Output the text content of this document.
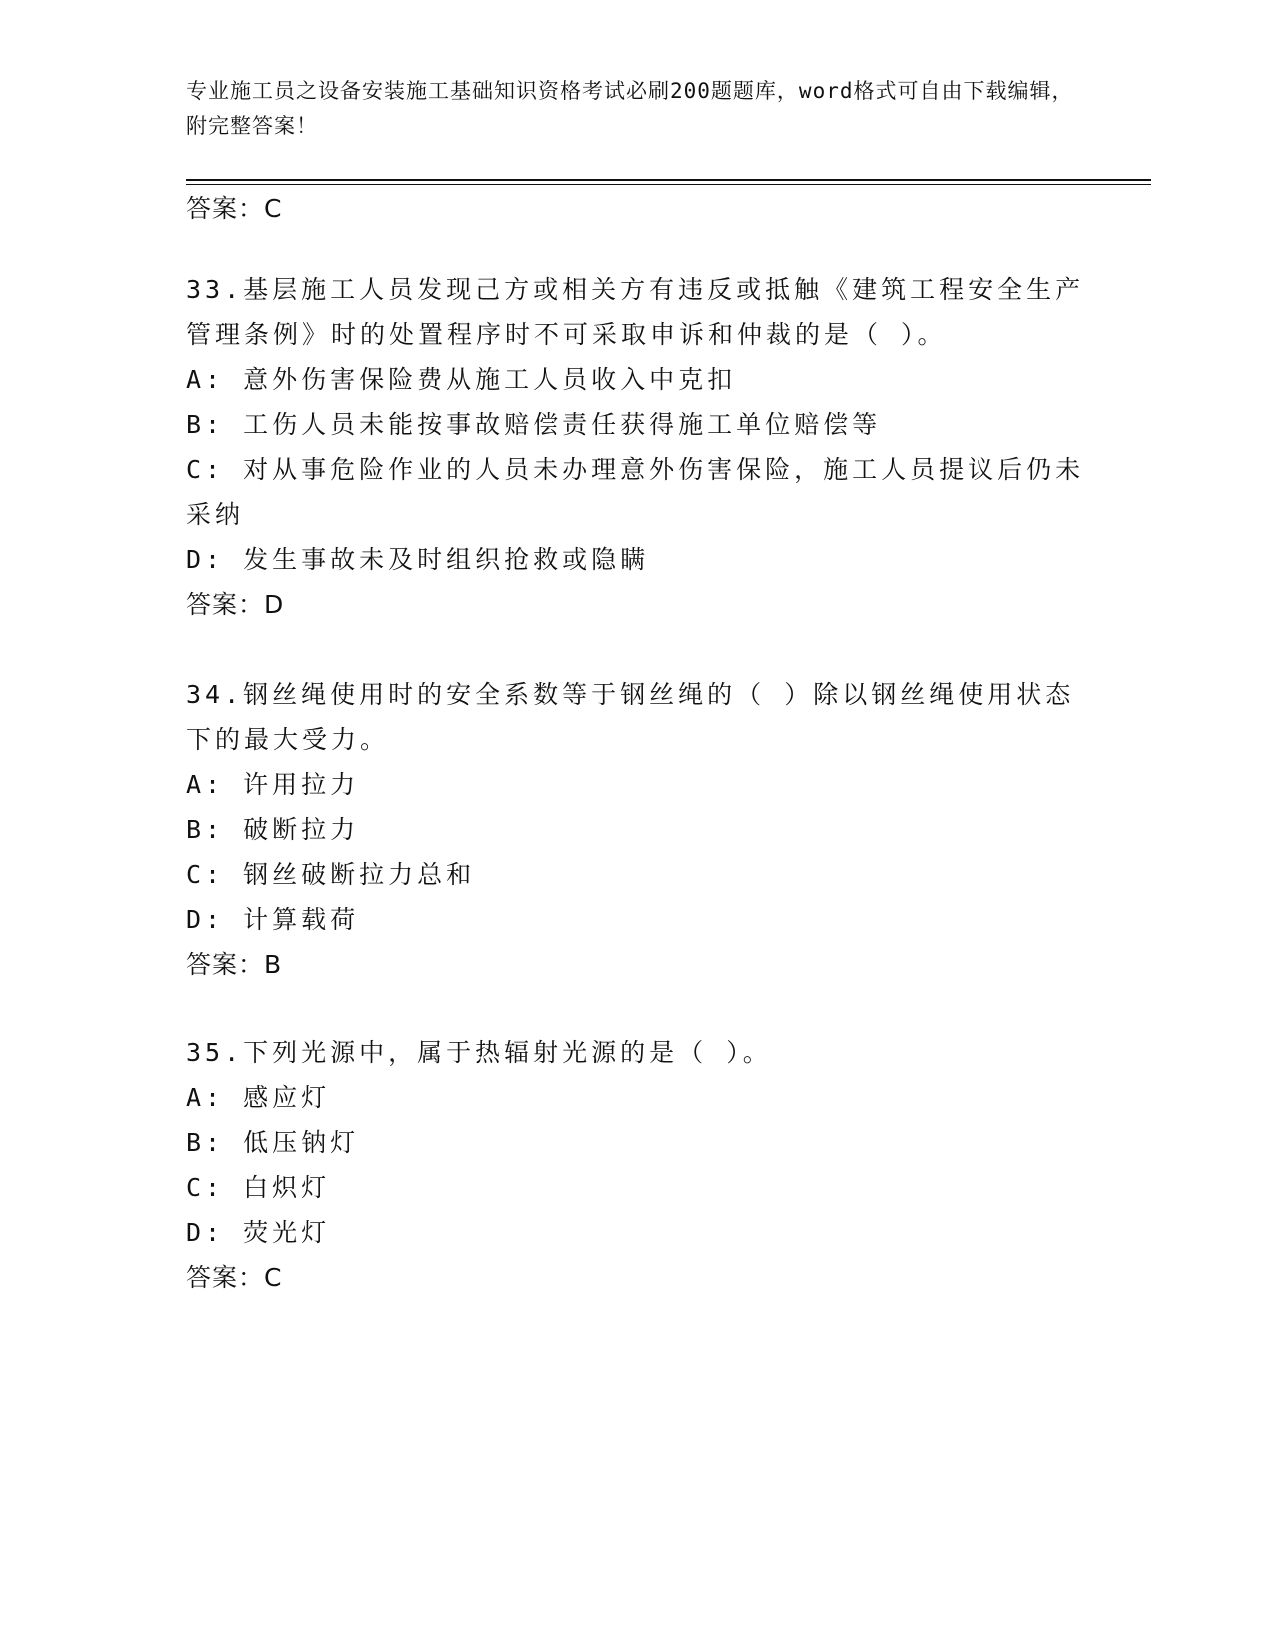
专业施工员之设备安装施工基础知识资格考试必刷200题题库，word格式可自由下载编辑，附完整答案！
答案：C
33.基层施工人员发现己方或相关方有违反或抵触《建筑工程安全生产
管理条例》时的处置程序时不可采取申诉和仲裁的是（ ）。
A: 意外伤害保险费从施工人员收入中克扣
B: 工伤人员未能按事故赔偿责任获得施工单位赔偿等
C: 对从事危险作业的人员未办理意外伤害保险，施工人员提议后仍未
采纳
D: 发生事故未及时组织抢救或隐瞒
答案：D
34.钢丝绳使用时的安全系数等于钢丝绳的（ ）除以钢丝绳使用状态
下的最大受力。
A: 许用拉力
B: 破断拉力
C: 钢丝破断拉力总和
D: 计算载荷
答案：B
35.下列光源中，属于热辐射光源的是（ ）。
A: 感应灯
B: 低压钠灯
C: 白炽灯
D: 荧光灯
答案：C
